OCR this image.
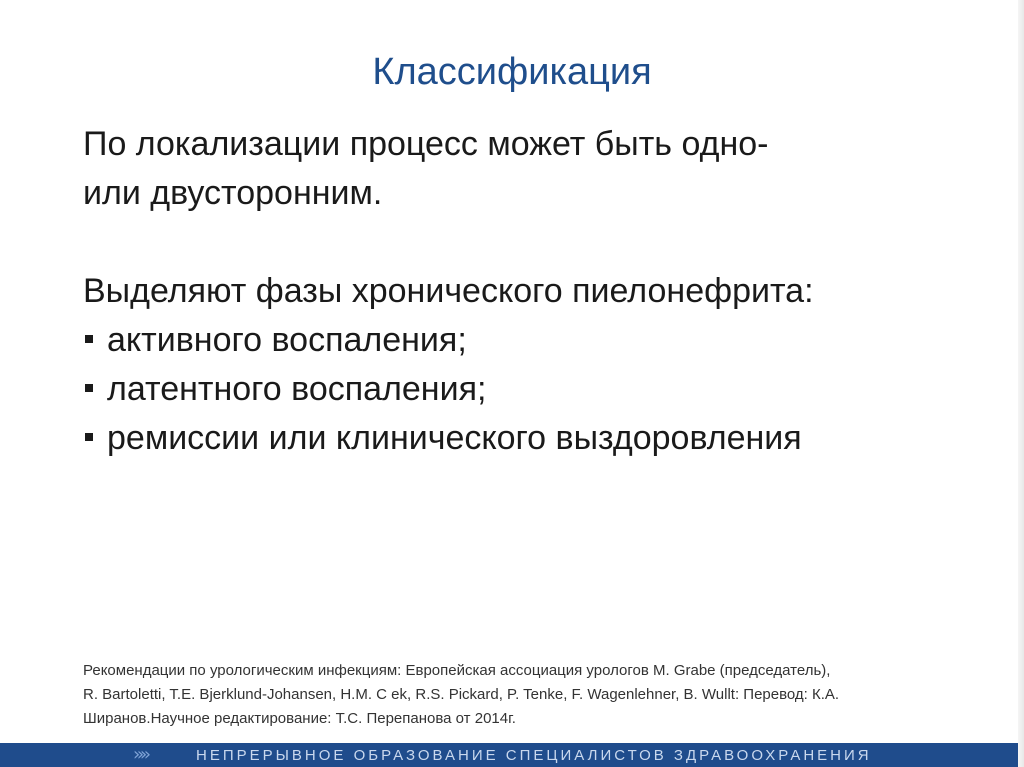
Классификация

По локализации процесс может быть одно-

или двусторонним.

Выделяют фазы хронического пиелонефрита:

активного воспаления;

латентного воспаления;

ремиссии или клинического выздоровления

Рекомендации по урологическим инфекциям: Европейская ассоциация урологов M. Grabe (председатель),
R. Bartoletti, T.E. Bjerklund-Johansen, H.M. C ek, R.S. Pickard, P. Tenke, F. Wagenlehner, B. Wullt: Перевод: К.А.
Ширанов.Научное редактирование: Т.С. Перепанова от 2014г.
»»	НЕПРЕРЫВНОЕ ОБРАЗОВАНИЕ СПЕЦИАЛИСТОВ ЗДРАВООХРАНЕНИЯ
